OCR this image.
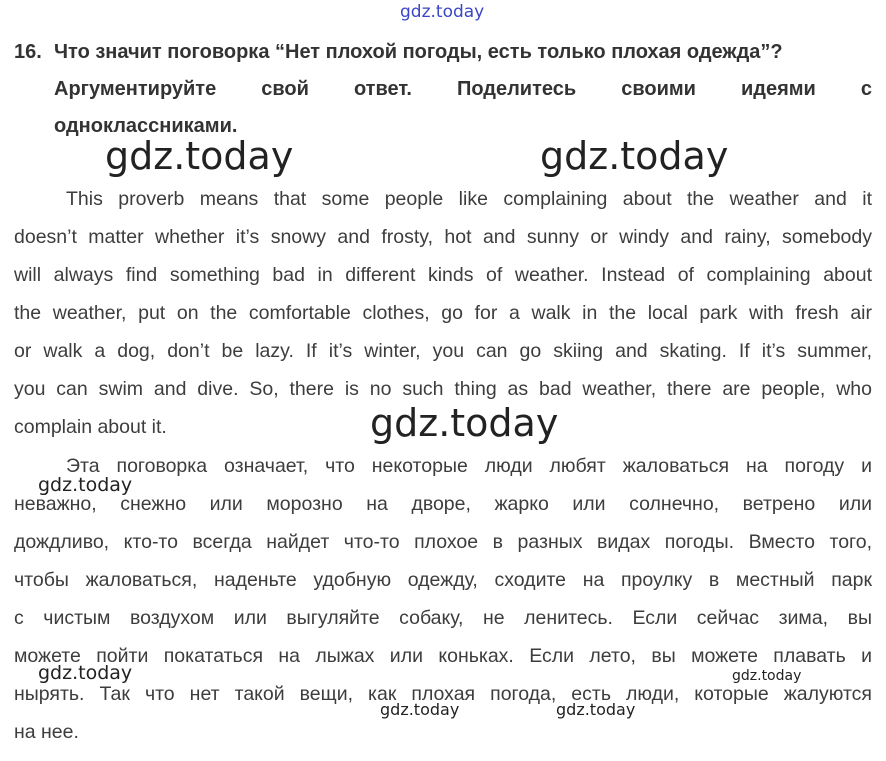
gdz.today
gdz.today	gdz.today
gdz.today
gdz.today
gdz.today	gdz.today
gdz.today	gdz.today
16. Что значит поговорка “Нет плохой погоды, есть только плохая одежда”?
Аргументируйте свой ответ. Поделитесь своими идеями с
одноклассниками.
This proverb means that some people like complaining about the weather and it
doesn’t matter whether it’s snowy and frosty, hot and sunny or windy and rainy, somebody
will always find something bad in different kinds of weather. Instead of complaining about
the weather, put on the comfortable clothes, go for a walk in the local park with fresh air
or walk a dog, don’t be lazy. If it’s winter, you can go skiing and skating. If it’s summer,
you can swim and dive. So, there is no such thing as bad weather, there are people, who
complain about it.
Эта поговорка означает, что некоторые люди любят жаловаться на погоду и
неважно, снежно или морозно на дворе, жарко или солнечно, ветрено или
дождливо, кто-то всегда найдет что-то плохое в разных видах погоды. Вместо того,
чтобы жаловаться, наденьте удобную одежду, сходите на проулку в местный парк
с чистым воздухом или выгуляйте собаку, не ленитесь. Если сейчас зима, вы
можете пойти покататься на лыжах или коньках. Если лето, вы можете плавать и
нырять. Так что нет такой вещи, как плохая погода, есть люди, которые жалуются
на нее.
